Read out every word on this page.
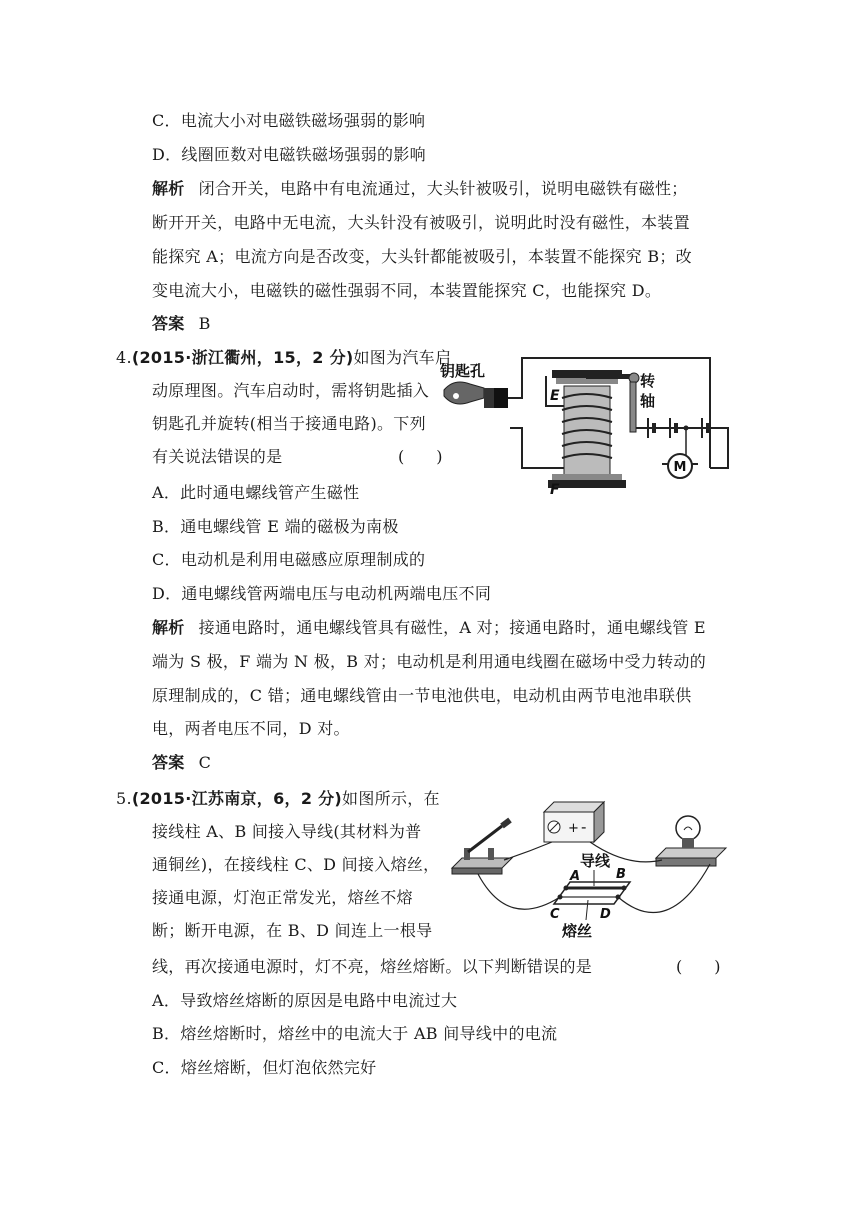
C．电流大小对电磁铁磁场强弱的影响
D．线圈匝数对电磁铁磁场强弱的影响
解析 闭合开关，电路中有电流通过，大头针被吸引，说明电磁铁有磁性；
断开开关，电路中无电流，大头针没有被吸引，说明此时没有磁性，本装置
能探究 A；电流方向是否改变，大头针都能被吸引，本装置不能探究 B；改
变电流大小，电磁铁的磁性强弱不同，本装置能探究 C，也能探究 D。
答案 B
4.(2015·浙江衢州，15，2 分)如图为汽车启
动原理图。汽车启动时，需将钥匙插入
钥匙孔并旋转(相当于接通电路)。下列
有关说法错误的是	(　　)
A．此时通电螺线管产生磁性
B．通电螺线管 E 端的磁极为南极
C．电动机是利用电磁感应原理制成的
D．通电螺线管两端电压与电动机两端电压不同
解析 接通电路时，通电螺线管具有磁性，A 对；接通电路时，通电螺线管 E
端为 S 极，F 端为 N 极，B 对；电动机是利用通电线圈在磁场中受力转动的
原理制成的，C 错；通电螺线管由一节电池供电，电动机由两节电池串联供
电，两者电压不同，D 对。
答案 C
钥匙孔
E
F
转
轴
M
5.(2015·江苏南京，6，2 分)如图所示，在
接线柱 A、B 间接入导线(其材料为普
通铜丝)，在接线柱 C、D 间接入熔丝，
接通电源，灯泡正常发光，熔丝不熔
断；断开电源，在 B、D 间连上一根导
线，再次接通电源时，灯不亮，熔丝熔断。以下判断错误的是	(　　)
A．导致熔丝熔断的原因是电路中电流过大
B．熔丝熔断时，熔丝中的电流大于 AB 间导线中的电流
C．熔丝熔断，但灯泡依然完好
+ -
导线
熔丝
A	B
C	D
